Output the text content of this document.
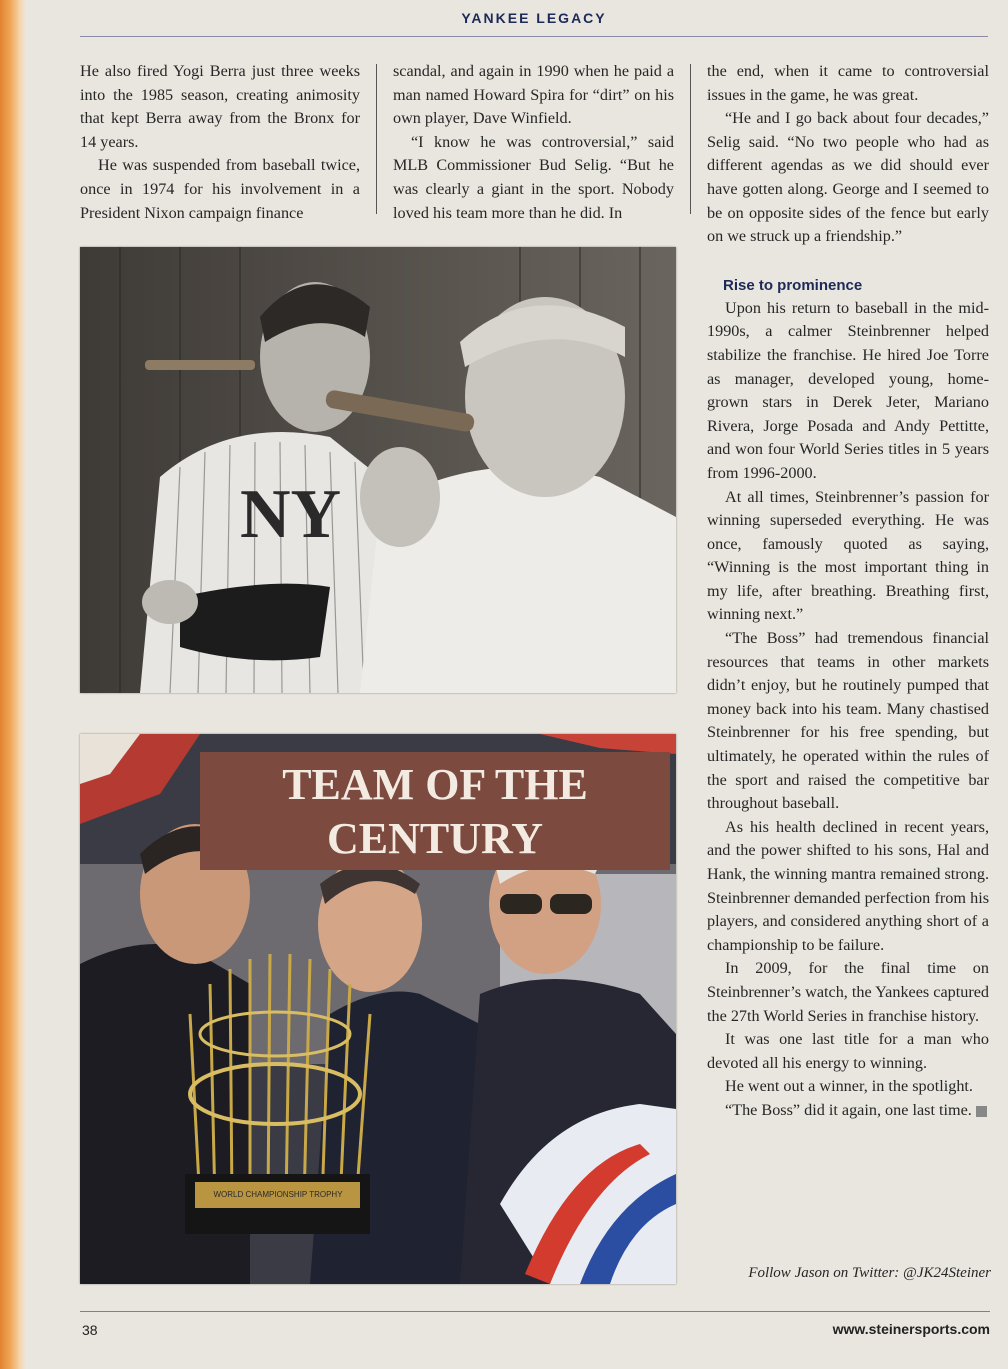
YANKEE LEGACY

He also fired Yogi Berra just three weeks into the 1985 season, creating animosity that kept Berra away from the Bronx for 14 years.

He was suspended from baseball twice, once in 1974 for his involvement in a President Nixon campaign finance

scandal, and again in 1990 when he paid a man named Howard Spira for “dirt” on his own player, Dave Winfield.

“I know he was controversial,” said MLB Commissioner Bud Selig. “But he was clearly a giant in the sport. Nobody loved his team more than he did. In

the end, when it came to controversial issues in the game, he was great.

“He and I go back about four decades,” Selig said. “No two people who had as different agendas as we did should ever have gotten along. George and I seemed to be on opposite sides of the fence but early on we struck up a friendship.”

Rise to prominence

Upon his return to baseball in the mid-1990s, a calmer Steinbrenner helped stabilize the franchise. He hired Joe Torre as manager, developed young, home-grown stars in Derek Jeter, Mariano Rivera, Jorge Posada and Andy Pettitte, and won four World Series titles in 5 years from 1996-2000.

At all times, Steinbrenner’s passion for winning superseded everything. He was once, famously quoted as saying, “Winning is the most important thing in my life, after breathing. Breathing first, winning next.”

“The Boss” had tremendous financial resources that teams in other markets didn’t enjoy, but he routinely pumped that money back into his team. Many chastised Steinbrenner for his free spending, but ultimately, he operated within the rules of the sport and raised the competitive bar throughout baseball.

As his health declined in recent years, and the power shifted to his sons, Hal and Hank, the winning mantra remained strong. Steinbrenner demanded perfection from his players, and considered anything short of a championship to be failure.

In 2009, for the final time on Steinbrenner’s watch, the Yankees captured the 27th World Series in franchise history.

It was one last title for a man who devoted all his energy to winning.

He went out a winner, in the spotlight.

“The Boss” did it again, one last time.

NY
TEAM OF THE
CENTURY
WORLD CHAMPIONSHIP TROPHY
Follow Jason on Twitter: @JK24Steiner
38	www.steinersports.com
